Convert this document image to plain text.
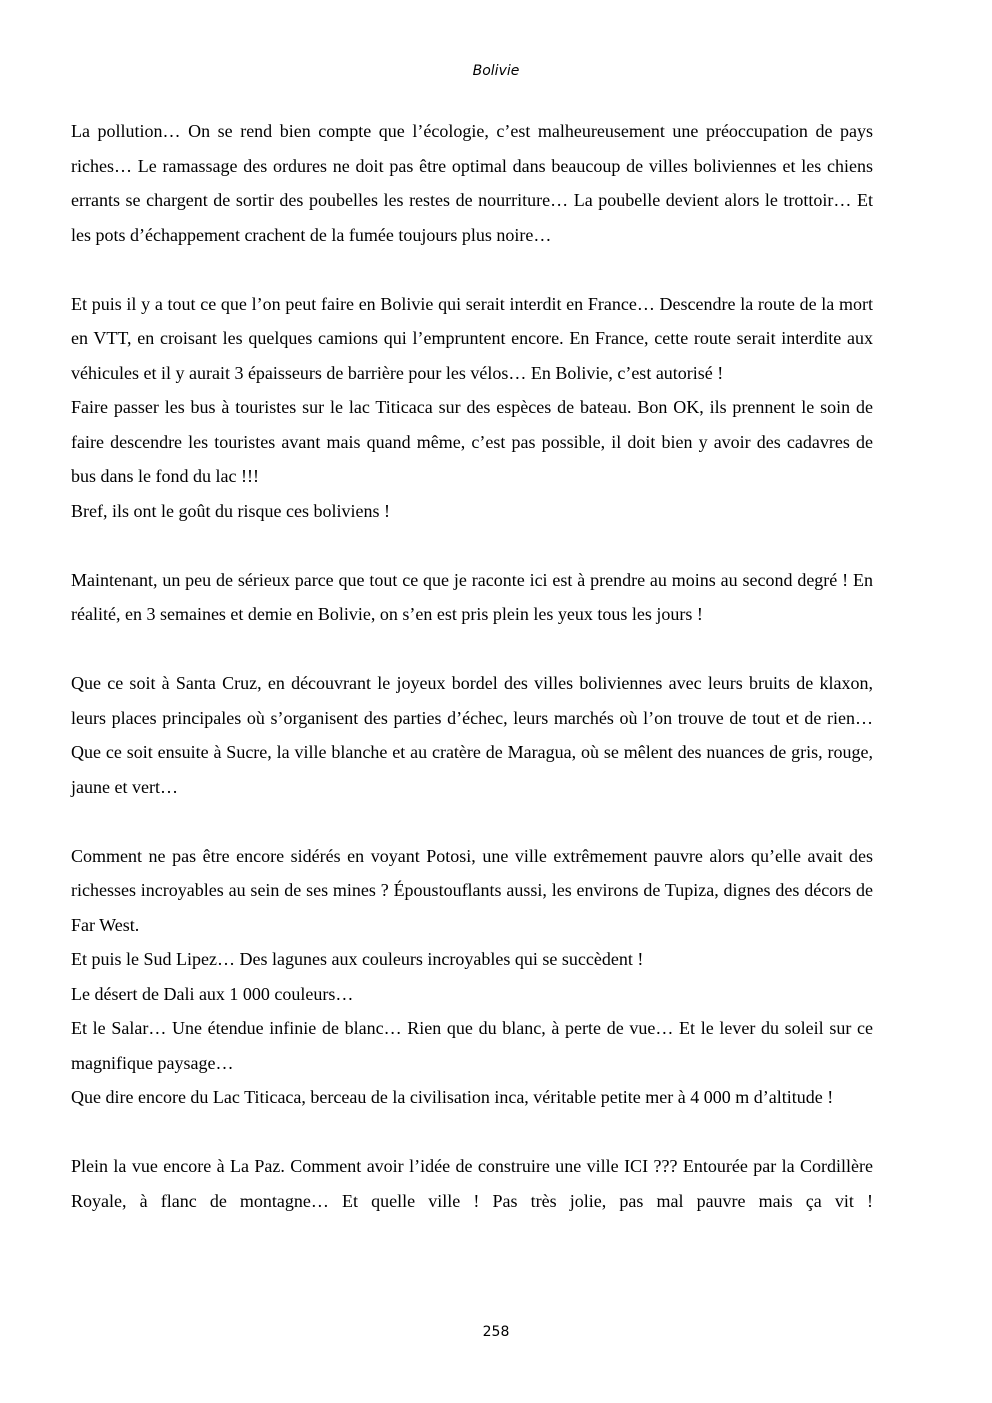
Bolivie

La pollution… On se rend bien compte que l’écologie, c’est malheureusement une préoccupation de pays riches… Le ramassage des ordures ne doit pas être optimal dans beaucoup de villes boliviennes et les chiens errants se chargent de sortir des poubelles les restes de nourriture… La poubelle devient alors le trottoir… Et les pots d’échappement crachent de la fumée toujours plus noire…

Et puis il y a tout ce que l’on peut faire en Bolivie qui serait interdit en France… Descendre la route de la mort en VTT, en croisant les quelques camions qui l’empruntent encore. En France, cette route serait interdite aux véhicules et il y aurait 3 épaisseurs de barrière pour les vélos… En Bolivie, c’est autorisé !

Faire passer les bus à touristes sur le lac Titicaca sur des espèces de bateau. Bon OK, ils prennent le soin de faire descendre les touristes avant mais quand même, c’est pas possible, il doit bien y avoir des cadavres de bus dans le fond du lac !!!

Bref, ils ont le goût du risque ces boliviens !

Maintenant, un peu de sérieux parce que tout ce que je raconte ici est à prendre au moins au second degré ! En réalité, en 3 semaines et demie en Bolivie, on s’en est pris plein les yeux tous les jours !

Que ce soit à Santa Cruz, en découvrant le joyeux bordel des villes boliviennes avec leurs bruits de klaxon, leurs places principales où s’organisent des parties d’échec, leurs marchés où l’on trouve de tout et de rien… Que ce soit ensuite à Sucre, la ville blanche et au cratère de Maragua, où se mêlent des nuances de gris, rouge, jaune et vert…

Comment ne pas être encore sidérés en voyant Potosi, une ville extrêmement pauvre alors qu’elle avait des richesses incroyables au sein de ses mines ? Époustouflants aussi, les environs de Tupiza, dignes des décors de Far West.

Et puis le Sud Lipez… Des lagunes aux couleurs incroyables qui se succèdent !

Le désert de Dali aux 1 000 couleurs…

Et le Salar… Une étendue infinie de blanc… Rien que du blanc, à perte de vue… Et le lever du soleil sur ce magnifique paysage…

Que dire encore du Lac Titicaca, berceau de la civilisation inca, véritable petite mer à 4 000 m d’altitude !

Plein la vue encore à La Paz. Comment avoir l’idée de construire une ville ICI ??? Entourée par la Cordillère Royale, à flanc de montagne… Et quelle ville ! Pas très jolie, pas mal pauvre mais ça vit !

258
